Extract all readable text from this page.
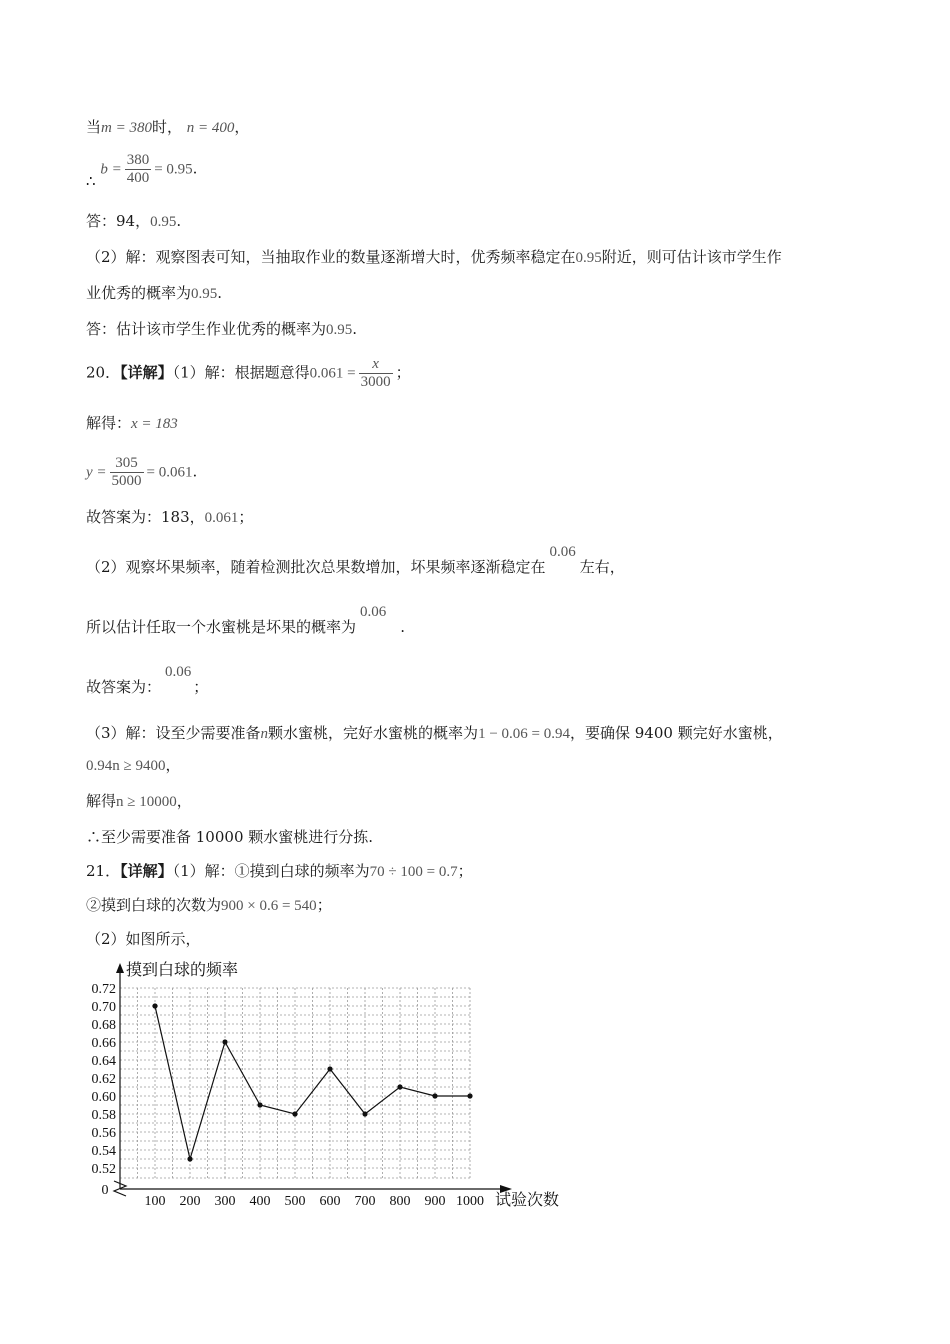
当m = 380时， n = 400，
∴ $b = \frac{380}{400} = 0.95$.
答：94，0.95.
（2）解：观察图表可知，当抽取作业的数量逐渐增大时，优秀频率稳定在0.95附近，则可估计该市学生作
业优秀的概率为0.95.
答：估计该市学生作业优秀的概率为0.95.
20．【详解】（1）解：根据题意得$0.061 = \frac{x}{3000}$ ；
解得：x = 183
$y = \frac{305}{5000} = 0.061$.
故答案为：183，0.061；
（2）观察坏果频率，随着检测批次总果数增加，坏果频率逐渐稳定在0.06左右，
所以估计任取一个水蜜桃是坏果的概率为0.06.
故答案为：0.06；
（3）解：设至少需要准备n颗水蜜桃，完好水蜜桃的概率为1 − 0.06 = 0.94，要确保 9400 颗完好水蜜桃，
0.94n ≥ 9400，
解得n ≥ 10000，
∴至少需要准备 10000 颗水蜜桃进行分拣.
21．【详解】（1）解：①摸到白球的频率为70 ÷ 100 = 0.7；
②摸到白球的次数为900 × 0.6 = 540；
（2）如图所示，
摸到白球的频率
试验次数
0
0.52
0.54
0.56
0.58
0.60
0.62
0.64
0.66
0.68
0.70
0.72
100 200 300 400 500 600 700 800 900 1000
